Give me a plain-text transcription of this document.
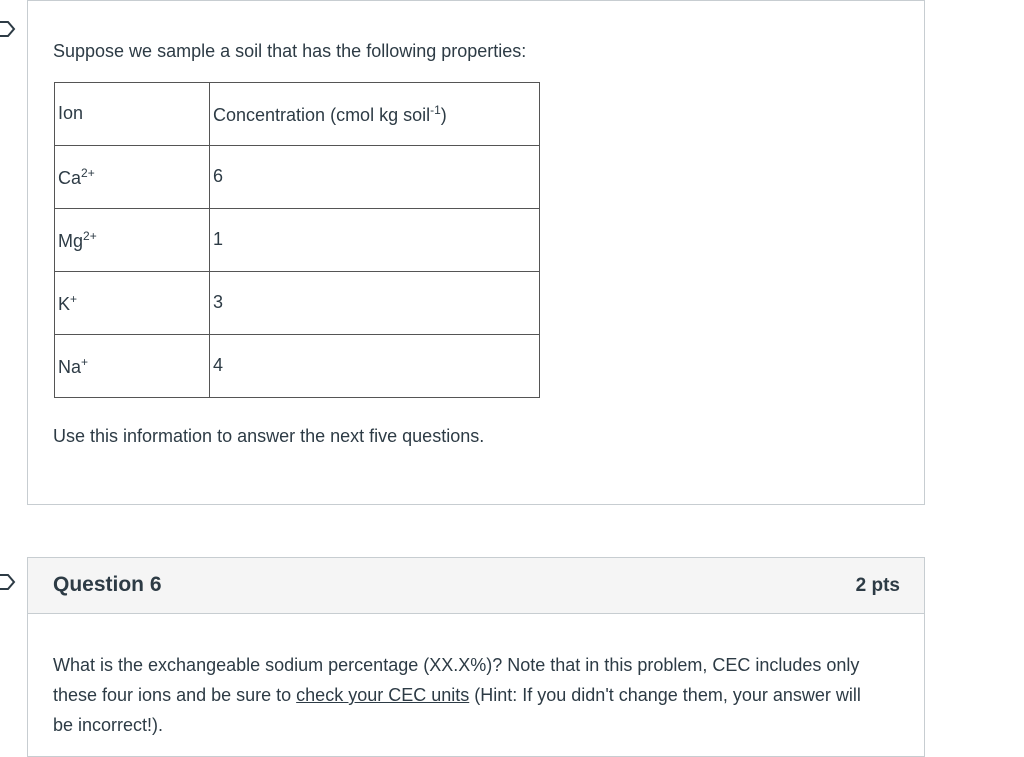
Suppose we sample a soil that has the following properties:

Ion	Concentration (cmol kg soil$^{-1}$)
$Ca^{2+}$	6
$Mg^{2+}$	1
K+	3
Na+	4

Use this information to answer the next five questions.

Question 6	2 pts

What is the exchangeable sodium percentage (XX.X%)? Note that in this problem, CEC includes only these four ions and be sure to check your CEC units (Hint: If you didn't change them, your answer will be incorrect!).
